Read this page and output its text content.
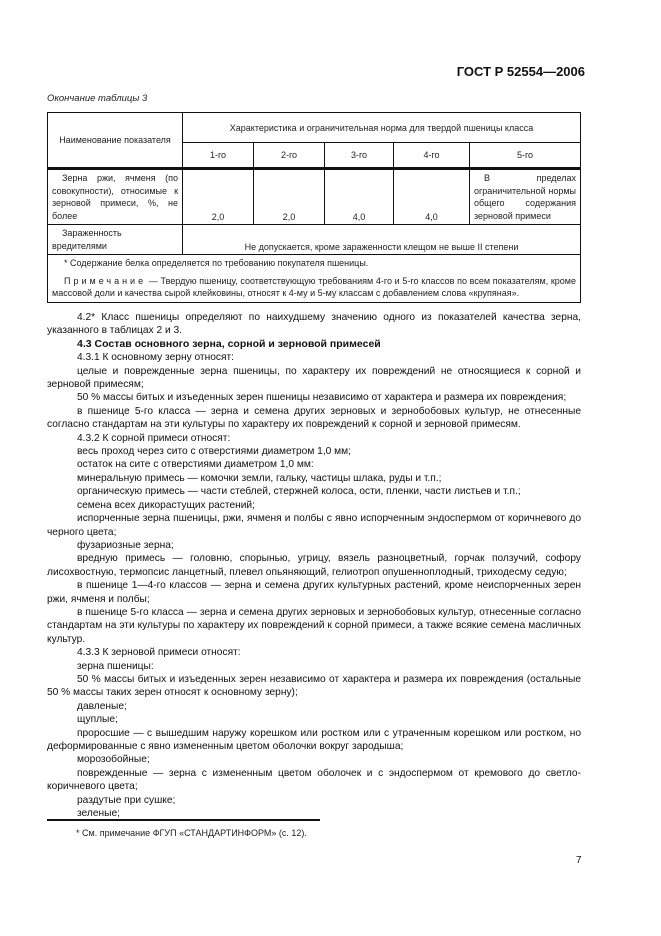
ГОСТ Р 52554—2006
Окончание таблицы 3
Наименование показателя	Характеристика и ограничительная норма для твердой пшеницы класса				
	1-го	2-го	3-го	4-го	5-го
Зерна ржи, ячменя (по совокупности), относимые к зерновой примеси, %, не более	2,0	2,0	4,0	4,0	В пределах ограничительной нормы общего содержания зерновой примеси
Зараженность вредителями	Не допускается, кроме зараженности клещом не выше II степени				

* Содержание белка определяется по требованию покупателя пшеницы.

Примечание — Твердую пшеницу, соответствующую требованиям 4-го и 5-го классов по всем показателям, кроме массовой доли и качества сырой клейковины, относят к 4-му и 5-му классам с добавлением слова «крупяная».					

4.2* Класс пшеницы определяют по наихудшему значению одного из показателей качества зерна, указанного в таблицах 2 и 3.

4.3 Состав основного зерна, сорной и зерновой примесей

4.3.1 К основному зерну относят:

целые и поврежденные зерна пшеницы, по характеру их повреждений не относящиеся к сорной и зерновой примесям;

50 % массы битых и изъеденных зерен пшеницы независимо от характера и размера их повреждения;

в пшенице 5-го класса — зерна и семена других зерновых и зернобобовых культур, не отнесенные согласно стандартам на эти культуры по характеру их повреждений к сорной и зерновой примесям.

4.3.2 К сорной примеси относят:

весь проход через сито с отверстиями диаметром 1,0 мм;

остаток на сите с отверстиями диаметром 1,0 мм:

минеральную примесь — комочки земли, гальку, частицы шлака, руды и т.п.;

органическую примесь — части стеблей, стержней колоса, ости, пленки, части листьев и т.п.;

семена всех дикорастущих растений;

испорченные зерна пшеницы, ржи, ячменя и полбы с явно испорченным эндоспермом от коричневого до черного цвета;

фузариозные зерна;

вредную примесь — головню, спорынью, угрицу, вязель разноцветный, горчак ползучий, софору лисохвостную, термопсис ланцетный, плевел опьяняющий, гелиотроп опушенноплодный, триходесму седую;

в пшенице 1—4-го классов — зерна и семена других культурных растений, кроме неиспорченных зерен ржи, ячменя и полбы;

в пшенице 5-го класса — зерна и семена других зерновых и зернобобовых культур, отнесенные согласно стандартам на эти культуры по характеру их повреждений к сорной примеси, а также всякие семена масличных культур.

4.3.3 К зерновой примеси относят:

зерна пшеницы:

50 % массы битых и изъеденных зерен независимо от характера и размера их повреждения (остальные 50 % массы таких зерен относят к основному зерну);

давленые;

щуплые;

проросшие — с вышедшим наружу корешком или ростком или с утраченным корешком или ростком, но деформированные с явно измененным цветом оболочки вокруг зародыша;

морозобойные;

поврежденные — зерна с измененным цветом оболочек и с эндоспермом от кремового до светло-коричневого цвета;

раздутые при сушке;

зеленые;

* См. примечание ФГУП «СТАНДАРТИНФОРМ» (с. 12).
7
